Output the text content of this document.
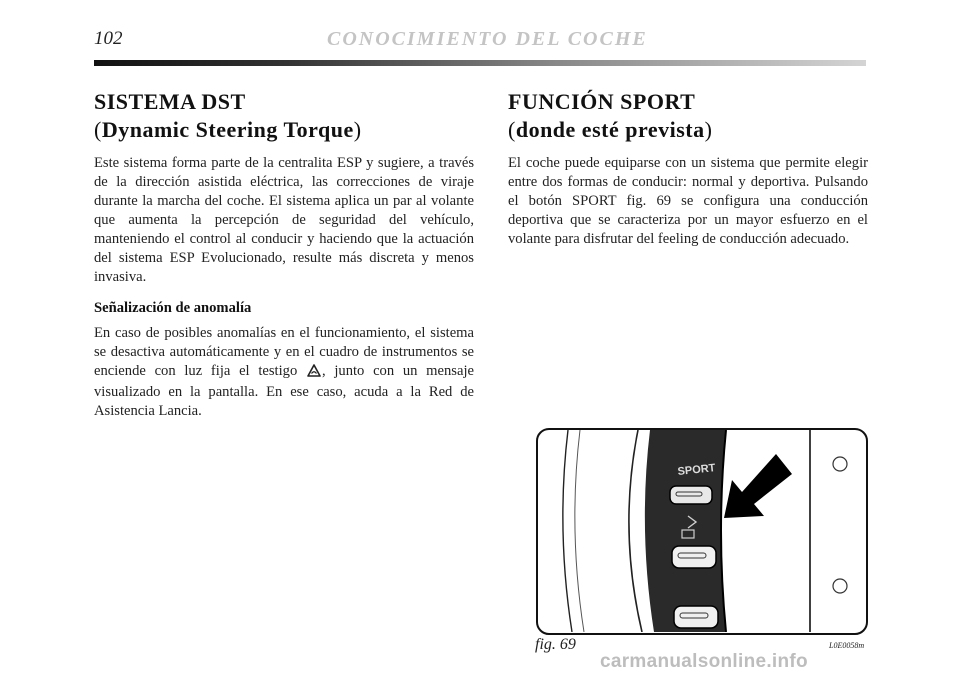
102	CONOCIMIENTO DEL COCHE
SISTEMA DST
(Dynamic Steering Torque)

Este sistema forma parte de la centralita ESP y sugiere, a través de la dirección asistida eléctrica, las correcciones de viraje durante la marcha del coche. El sistema aplica un par al volante que aumenta la percepción de seguridad del vehículo, manteniendo el control al conducir y haciendo que la actuación del sistema ESP Evolucionado, resulte más discreta y menos invasiva.

Señalización de anomalía

En caso de posibles anomalías en el funcionamiento, el sistema se desactiva automáticamente y en el cuadro de instrumentos se enciende con luz fija el testigo , junto con un mensaje visualizado en la pantalla. En ese caso, acuda a la Red de Asistencia Lancia.

FUNCIÓN SPORT
(donde esté prevista)

El coche puede equiparse con un sistema que permite elegir entre dos formas de conducir: normal y deportiva. Pulsando el botón SPORT fig. 69 se configura una conducción deportiva que se caracteriza por un mayor esfuerzo en el volante para disfrutar del feeling de conducción adecuado.

SPORT
fig. 69	L0E0058m
carmanualsonline.info
